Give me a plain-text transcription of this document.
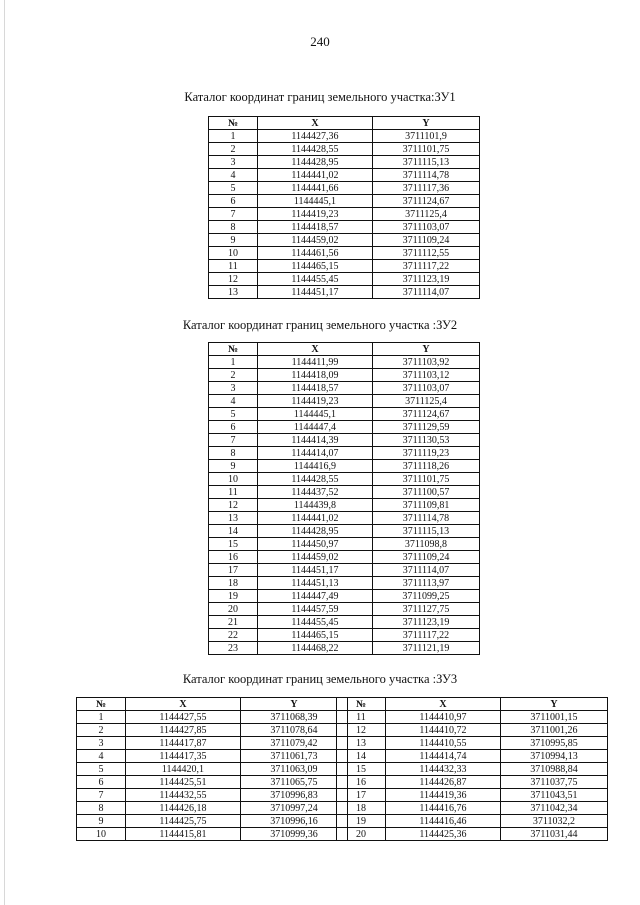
240
Каталог координат границ земельного участка:ЗУ1
№	X	Y
1	1144427,36	3711101,9
2	1144428,55	3711101,75
3	1144428,95	3711115,13
4	1144441,02	3711114,78
5	1144441,66	3711117,36
6	1144445,1	3711124,67
7	1144419,23	3711125,4
8	1144418,57	3711103,07
9	1144459,02	3711109,24
10	1144461,56	3711112,55
11	1144465,15	3711117,22
12	1144455,45	3711123,19
13	1144451,17	3711114,07
Каталог координат границ земельного участка :ЗУ2
№	X	Y
1	1144411,99	3711103,92
2	1144418,09	3711103,12
3	1144418,57	3711103,07
4	1144419,23	3711125,4
5	1144445,1	3711124,67
6	1144447,4	3711129,59
7	1144414,39	3711130,53
8	1144414,07	3711119,23
9	1144416,9	3711118,26
10	1144428,55	3711101,75
11	1144437,52	3711100,57
12	1144439,8	3711109,81
13	1144441,02	3711114,78
14	1144428,95	3711115,13
15	1144450,97	3711098,8
16	1144459,02	3711109,24
17	1144451,17	3711114,07
18	1144451,13	3711113,97
19	1144447,49	3711099,25
20	1144457,59	3711127,75
21	1144455,45	3711123,19
22	1144465,15	3711117,22
23	1144468,22	3711121,19
Каталог координат границ земельного участка :ЗУ3
№	X	Y
1	1144427,55	3711068,39
2	1144427,85	3711078,64
3	1144417,87	3711079,42
4	1144417,35	3711061,73
5	1144420,1	3711063,09
6	1144425,51	3711065,75
7	1144432,55	3710996,83
8	1144426,18	3710997,24
9	1144425,75	3710996,16
10	1144415,81	3710999,36
№	X	Y
11	1144410,97	3711001,15
12	1144410,72	3711001,26
13	1144410,55	3710995,85
14	1144414,74	3710994,13
15	1144432,33	3710988,84
16	1144426,87	3711037,75
17	1144419,36	3711043,51
18	1144416,76	3711042,34
19	1144416,46	3711032,2
20	1144425,36	3711031,44
